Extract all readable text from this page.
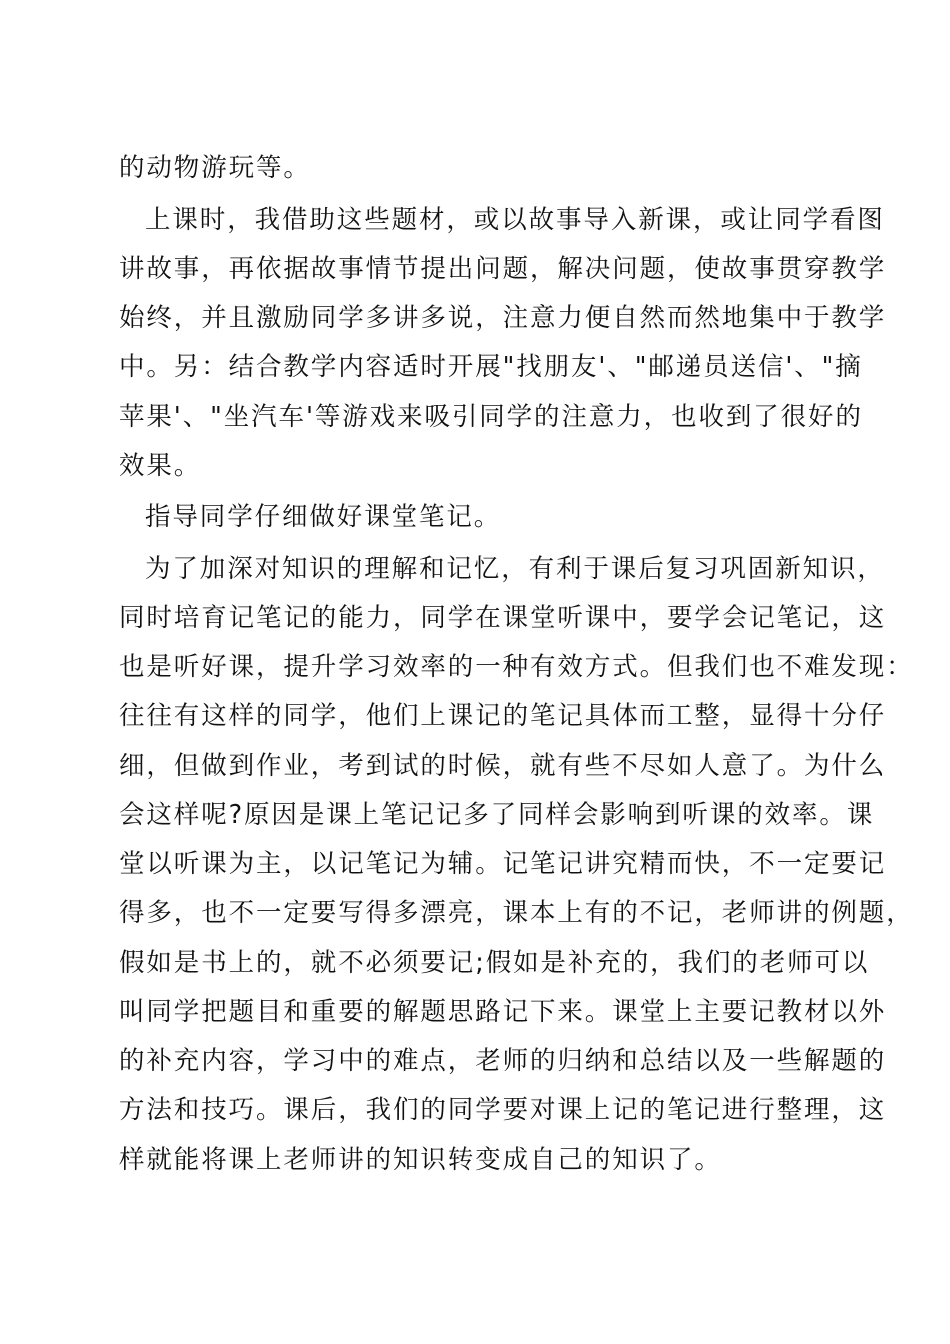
的动物游玩等。
上课时，我借助这些题材，或以故事导入新课，或让同学看图
讲故事，再依据故事情节提出问题，解决问题，使故事贯穿教学
始终，并且激励同学多讲多说，注意力便自然而然地集中于教学
中。另：结合教学内容适时开展"找朋友'、"邮递员送信'、"摘
苹果'、"坐汽车'等游戏来吸引同学的注意力，也收到了很好的
效果。
指导同学仔细做好课堂笔记。
为了加深对知识的理解和记忆，有利于课后复习巩固新知识，
同时培育记笔记的能力，同学在课堂听课中，要学会记笔记，这
也是听好课，提升学习效率的一种有效方式。但我们也不难发现：
往往有这样的同学，他们上课记的笔记具体而工整，显得十分仔
细，但做到作业，考到试的时候，就有些不尽如人意了。为什么
会这样呢?原因是课上笔记记多了同样会影响到听课的效率。课
堂以听课为主，以记笔记为辅。记笔记讲究精而快，不一定要记
得多，也不一定要写得多漂亮，课本上有的不记，老师讲的例题，
假如是书上的，就不必须要记;假如是补充的，我们的老师可以
叫同学把题目和重要的解题思路记下来。课堂上主要记教材以外
的补充内容，学习中的难点，老师的归纳和总结以及一些解题的
方法和技巧。课后，我们的同学要对课上记的笔记进行整理，这
样就能将课上老师讲的知识转变成自己的知识了。
